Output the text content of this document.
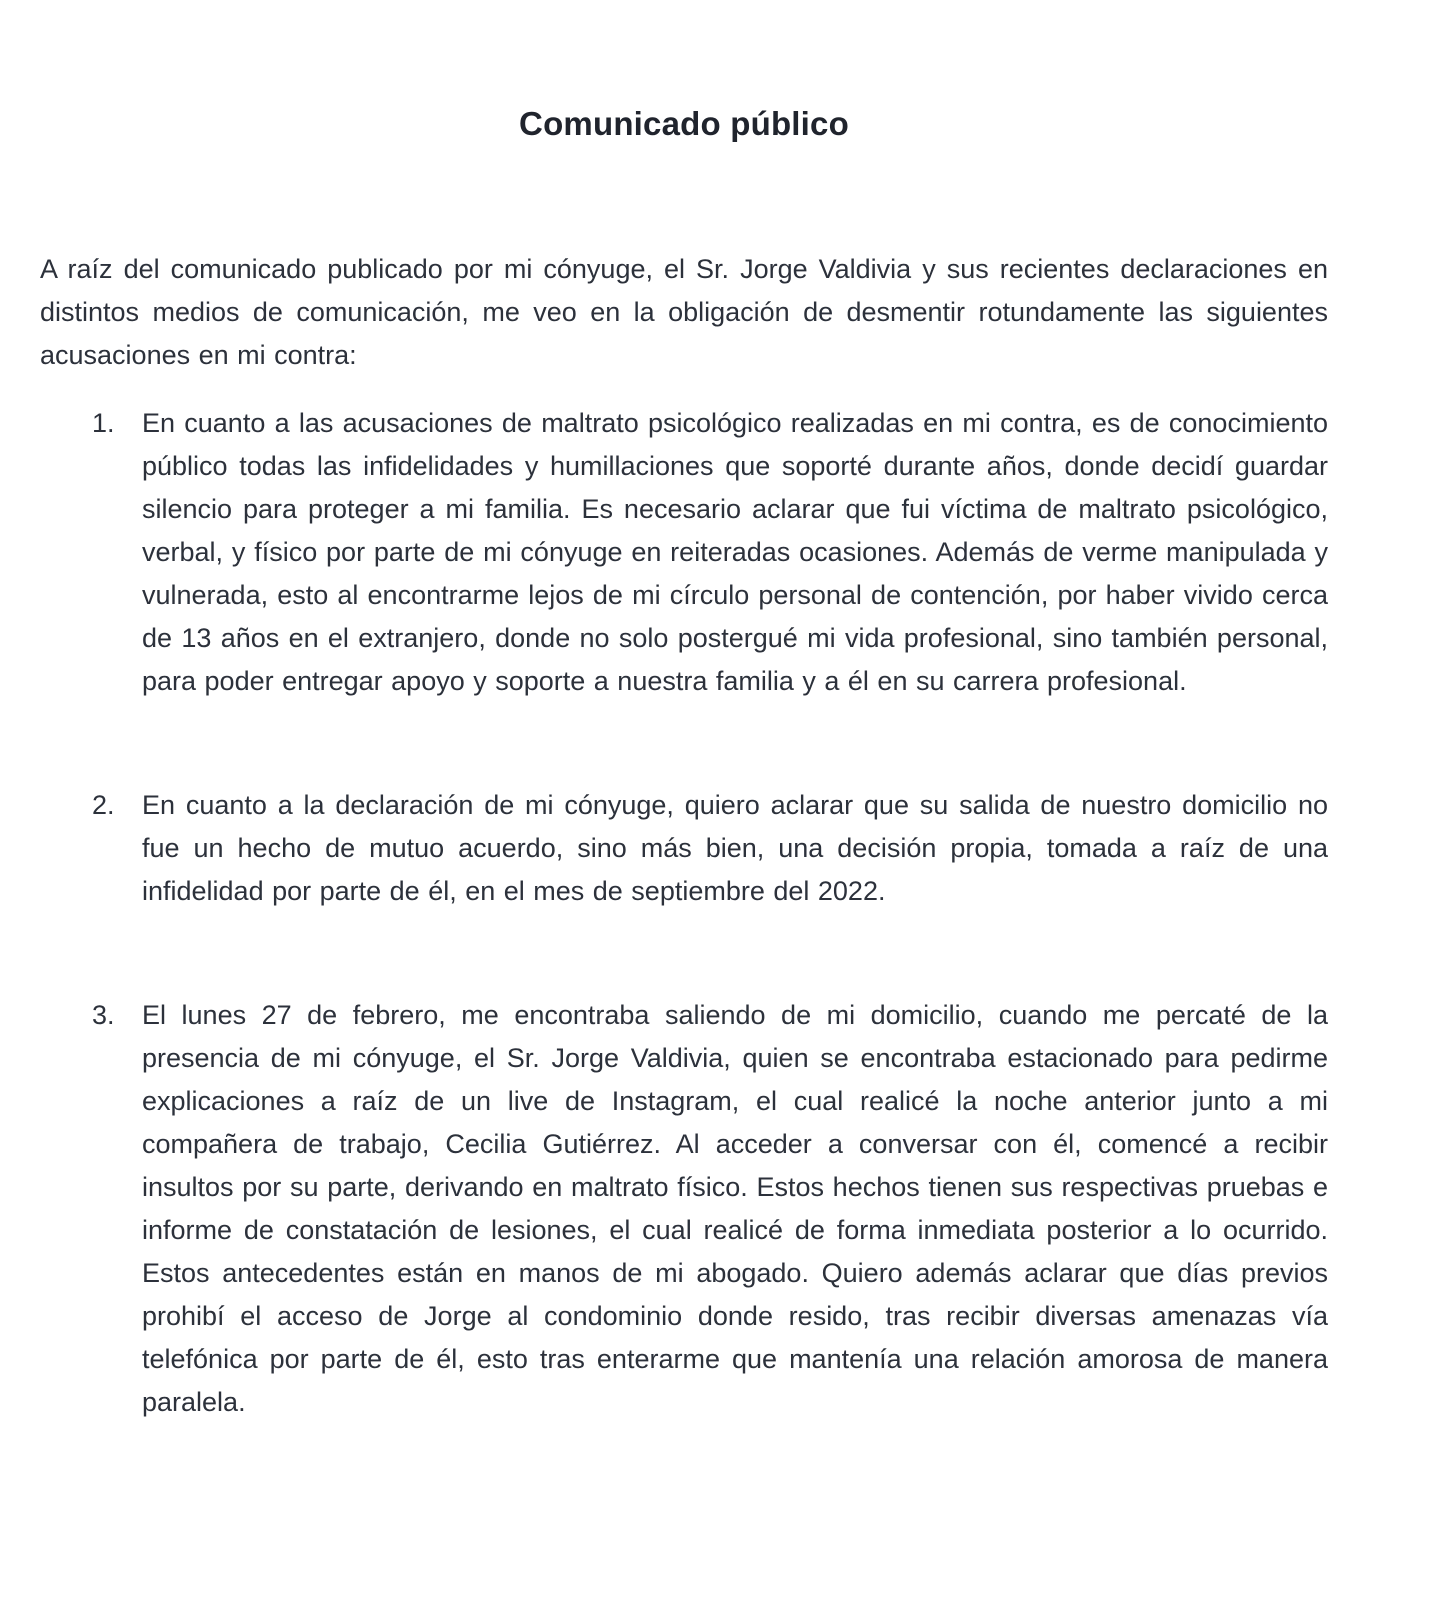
Comunicado público

A raíz del comunicado publicado por mi cónyuge, el Sr. Jorge Valdivia y sus recientes declaraciones en distintos medios de comunicación, me veo en la obligación de desmentir rotundamente las siguientes acusaciones en mi contra:

1.	En cuanto a las acusaciones de maltrato psicológico realizadas en mi contra, es de conocimiento público todas las infidelidades y humillaciones que soporté durante años, donde decidí guardar silencio para proteger a mi familia. Es necesario aclarar que fui víctima de maltrato psicológico, verbal, y físico por parte de mi cónyuge en reiteradas ocasiones. Además de verme manipulada y vulnerada, esto al encontrarme lejos de mi círculo personal de contención, por haber vivido cerca de 13 años en el extranjero, donde no solo postergué mi vida profesional, sino también personal, para poder entregar apoyo y soporte a nuestra familia y a él en su carrera profesional.
2.	En cuanto a la declaración de mi cónyuge, quiero aclarar que su salida de nuestro domicilio no fue un hecho de mutuo acuerdo, sino más bien, una decisión propia, tomada a raíz de una infidelidad por parte de él, en el mes de septiembre del 2022.
3.	El lunes 27 de febrero, me encontraba saliendo de mi domicilio, cuando me percaté de la presencia de mi cónyuge, el Sr. Jorge Valdivia, quien se encontraba estacionado para pedirme explicaciones a raíz de un live de Instagram, el cual realicé la noche anterior junto a mi compañera de trabajo, Cecilia Gutiérrez. Al acceder a conversar con él, comencé a recibir insultos por su parte, derivando en maltrato físico. Estos hechos tienen sus respectivas pruebas e informe de constatación de lesiones, el cual realicé de forma inmediata posterior a lo ocurrido. Estos antecedentes están en manos de mi abogado. Quiero además aclarar que días previos prohibí el acceso de Jorge al condominio donde resido, tras recibir diversas amenazas vía telefónica por parte de él, esto tras enterarme que mantenía una relación amorosa de manera paralela.
